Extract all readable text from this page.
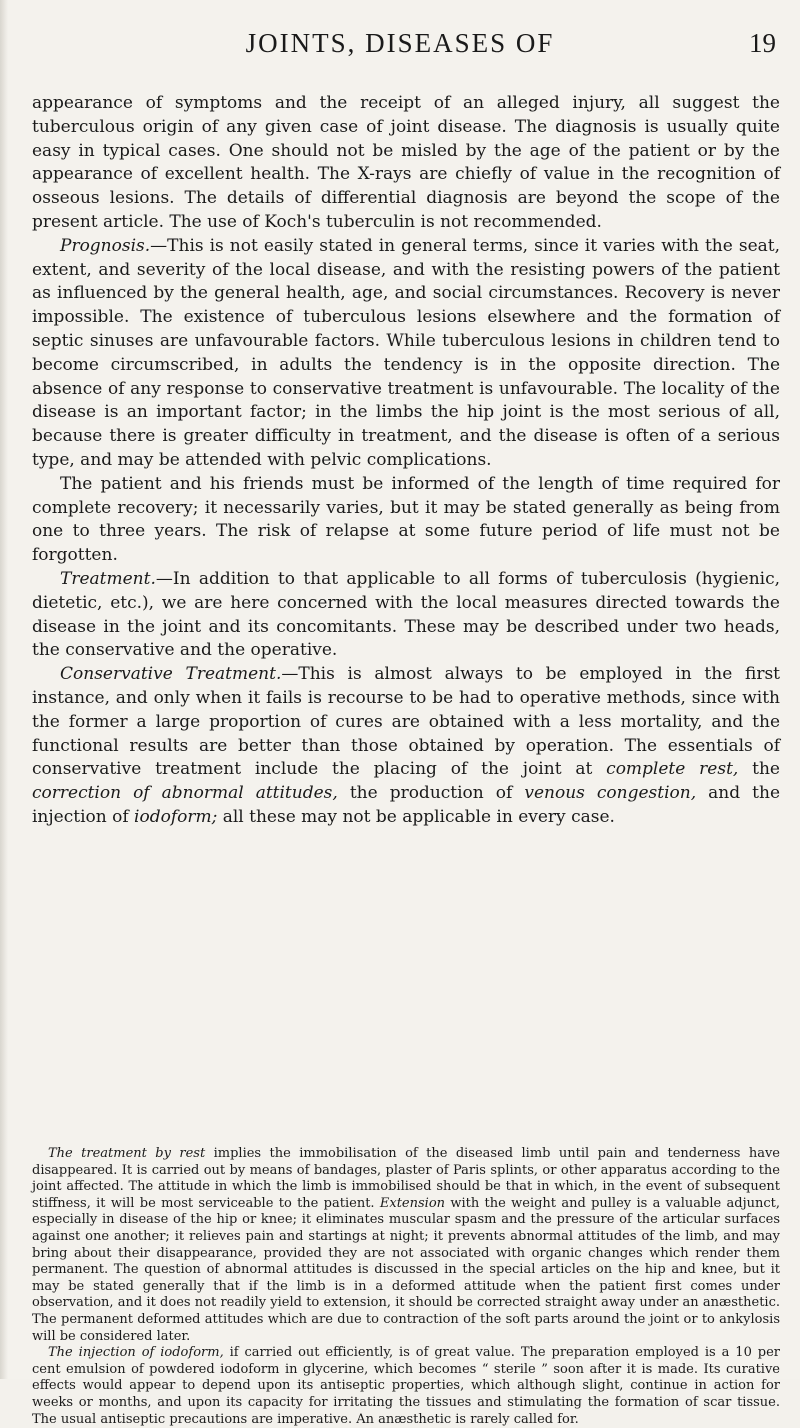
JOINTS, DISEASES OF	19

appearance of symptoms and the receipt of an alleged injury, all suggest the tuberculous origin of any given case of joint disease. The diagnosis is usually quite easy in typical cases. One should not be misled by the age of the patient or by the appearance of excellent health. The X-rays are chiefly of value in the recognition of osseous lesions. The details of differential diagnosis are beyond the scope of the present article. The use of Koch's tuberculin is not recommended.

Prognosis.—This is not easily stated in general terms, since it varies with the seat, extent, and severity of the local disease, and with the resisting powers of the patient as influenced by the general health, age, and social circumstances. Recovery is never impossible. The existence of tuberculous lesions elsewhere and the formation of septic sinuses are unfavourable factors. While tuberculous lesions in children tend to become circumscribed, in adults the tendency is in the opposite direction. The absence of any response to conservative treatment is unfavourable. The locality of the disease is an important factor; in the limbs the hip joint is the most serious of all, because there is greater difficulty in treatment, and the disease is often of a serious type, and may be attended with pelvic complications.

The patient and his friends must be informed of the length of time required for complete recovery; it necessarily varies, but it may be stated generally as being from one to three years. The risk of relapse at some future period of life must not be forgotten.

Treatment.—In addition to that applicable to all forms of tuberculosis (hygienic, dietetic, etc.), we are here concerned with the local measures directed towards the disease in the joint and its concomitants. These may be described under two heads, the conservative and the operative.

Conservative Treatment.—This is almost always to be employed in the first instance, and only when it fails is recourse to be had to operative methods, since with the former a large proportion of cures are obtained with a less mortality, and the functional results are better than those obtained by operation. The essentials of conservative treatment include the placing of the joint at complete rest, the correction of abnormal attitudes, the production of venous congestion, and the injection of iodoform; all these may not be applicable in every case.

The treatment by rest implies the immobilisation of the diseased limb until pain and tenderness have disappeared. It is carried out by means of bandages, plaster of Paris splints, or other apparatus according to the joint affected. The attitude in which the limb is immobilised should be that in which, in the event of subsequent stiffness, it will be most serviceable to the patient. Extension with the weight and pulley is a valuable adjunct, especially in disease of the hip or knee; it eliminates muscular spasm and the pressure of the articular surfaces against one another; it relieves pain and startings at night; it prevents abnormal attitudes of the limb, and may bring about their disappearance, provided they are not associated with organic changes which render them permanent. The question of abnormal attitudes is discussed in the special articles on the hip and knee, but it may be stated generally that if the limb is in a deformed attitude when the patient first comes under observation, and it does not readily yield to extension, it should be corrected straight away under an anæsthetic. The permanent deformed attitudes which are due to contraction of the soft parts around the joint or to ankylosis will be considered later.

The injection of iodoform, if carried out efficiently, is of great value. The preparation employed is a 10 per cent emulsion of powdered iodoform in glycerine, which becomes “ sterile ” soon after it is made. Its curative effects would appear to depend upon its antiseptic properties, which although slight, continue in action for weeks or months, and upon its capacity for irritating the tissues and stimulating the formation of scar tissue. The usual antiseptic precautions are imperative. An anæsthetic is rarely called for.
